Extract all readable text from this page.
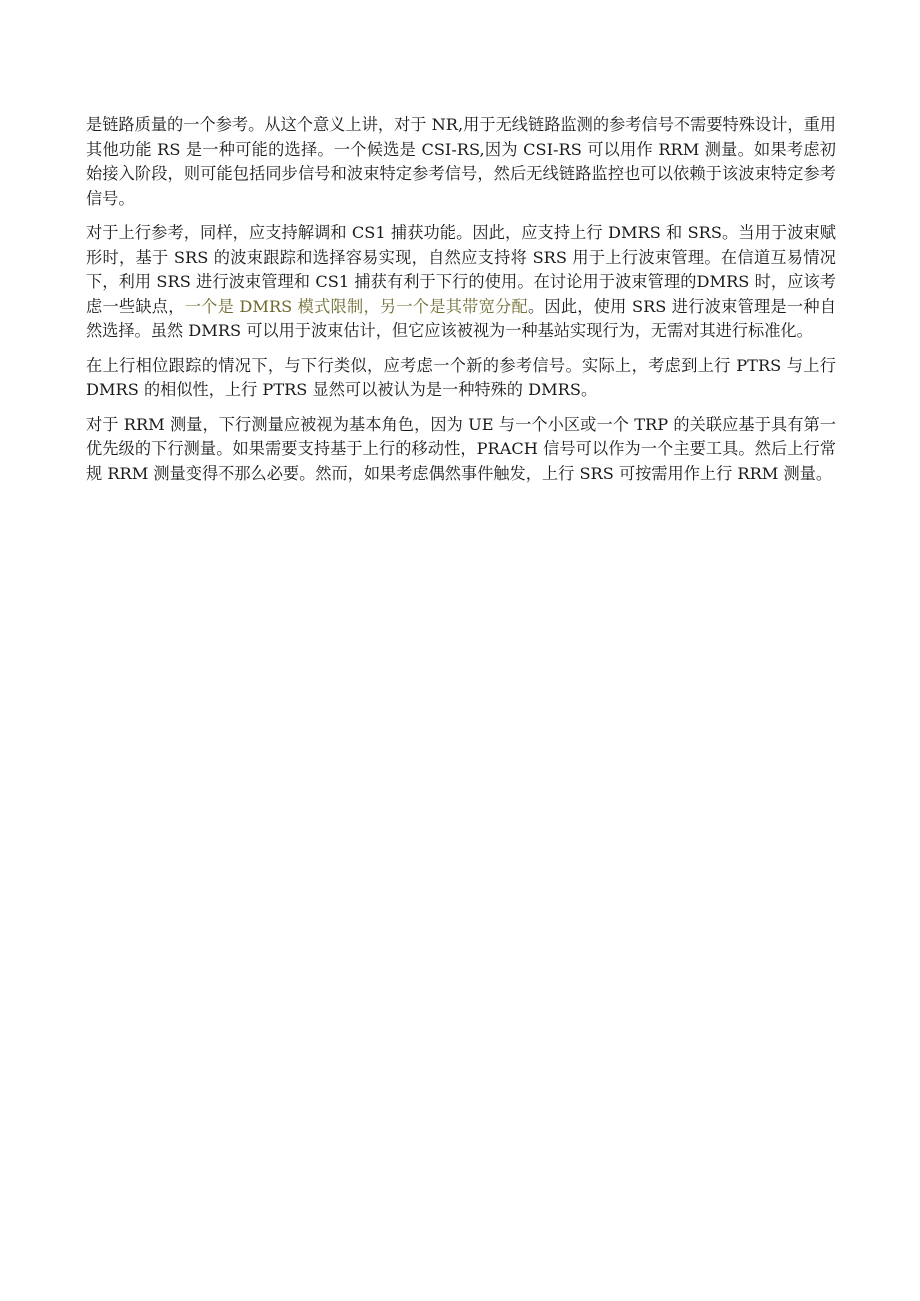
是链路质量的一个参考。从这个意义上讲，对于 NR,用于无线链路监测的参考信号不需要特殊设计，重用其他功能 RS 是一种可能的选择。一个候选是 CSI-RS,因为 CSI-RS 可以用作 RRM 测量。如果考虑初始接入阶段，则可能包括同步信号和波束特定参考信号，然后无线链路监控也可以依赖于该波束特定参考信号。

对于上行参考，同样，应支持解调和 CS1 捕获功能。因此，应支持上行 DMRS 和 SRS。当用于波束赋形时，基于 SRS 的波束跟踪和选择容易实现，自然应支持将 SRS 用于上行波束管理。在信道互易情况下，利用 SRS 进行波束管理和 CS1 捕获有利于下行的使用。在讨论用于波束管理的DMRS 时，应该考虑一些缺点，一个是 DMRS 模式限制，另一个是其带宽分配。因此，使用 SRS 进行波束管理是一种自然选择。虽然 DMRS 可以用于波束估计，但它应该被视为一种基站实现行为，无需对其进行标准化。

在上行相位跟踪的情况下，与下行类似，应考虑一个新的参考信号。实际上，考虑到上行 PTRS 与上行 DMRS 的相似性，上行 PTRS 显然可以被认为是一种特殊的 DMRS。

对于 RRM 测量，下行测量应被视为基本角色，因为 UE 与一个小区或一个 TRP 的关联应基于具有第一优先级的下行测量。如果需要支持基于上行的移动性，PRACH 信号可以作为一个主要工具。然后上行常规 RRM 测量变得不那么必要。然而，如果考虑偶然事件触发，上行 SRS 可按需用作上行 RRM 测量。
